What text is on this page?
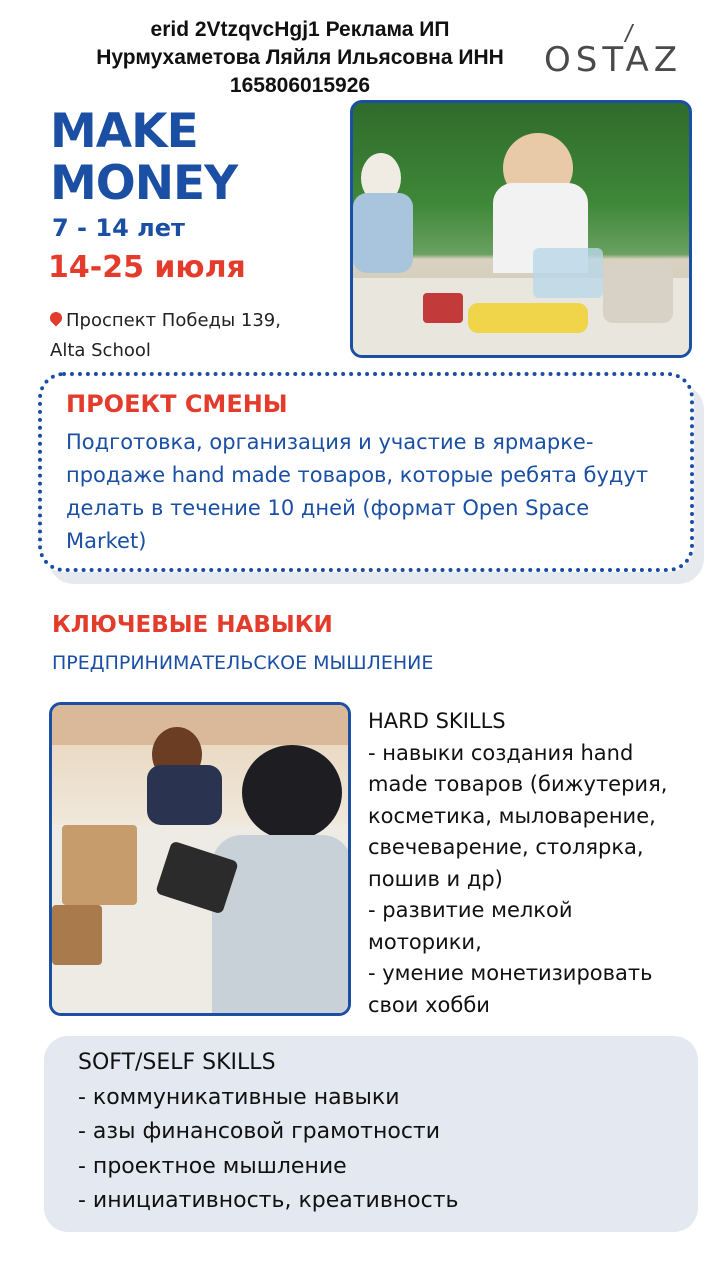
erid 2VtzqvcHgj1 Реклама ИП
Нурмухаметова Ляйля Ильясовна ИНН
165806015926
OSTAZ
MAKE
MONEY
7 - 14 лет
14-25 июля
Проспект Победы 139,
Alta School
ПРОЕКТ СМЕНЫ
Подготовка, организация и участие в ярмарке-
продаже hand made товаров, которые ребята будут
делать в течение 10 дней (формат Open Space
Market)
КЛЮЧЕВЫЕ НАВЫКИ
ПРЕДПРИНИМАТЕЛЬСКОЕ МЫШЛЕНИЕ
HARD SKILLS
- навыки создания hand
made товаров (бижутерия,
косметика, мыловарение,
свечеварение, столярка,
пошив и др)
- развитие мелкой
моторики,
- умение монетизировать
свои хобби
SOFT/SELF SKILLS
- коммуникативные навыки
- азы финансовой грамотности
- проектное мышление
- инициативность, креативность
